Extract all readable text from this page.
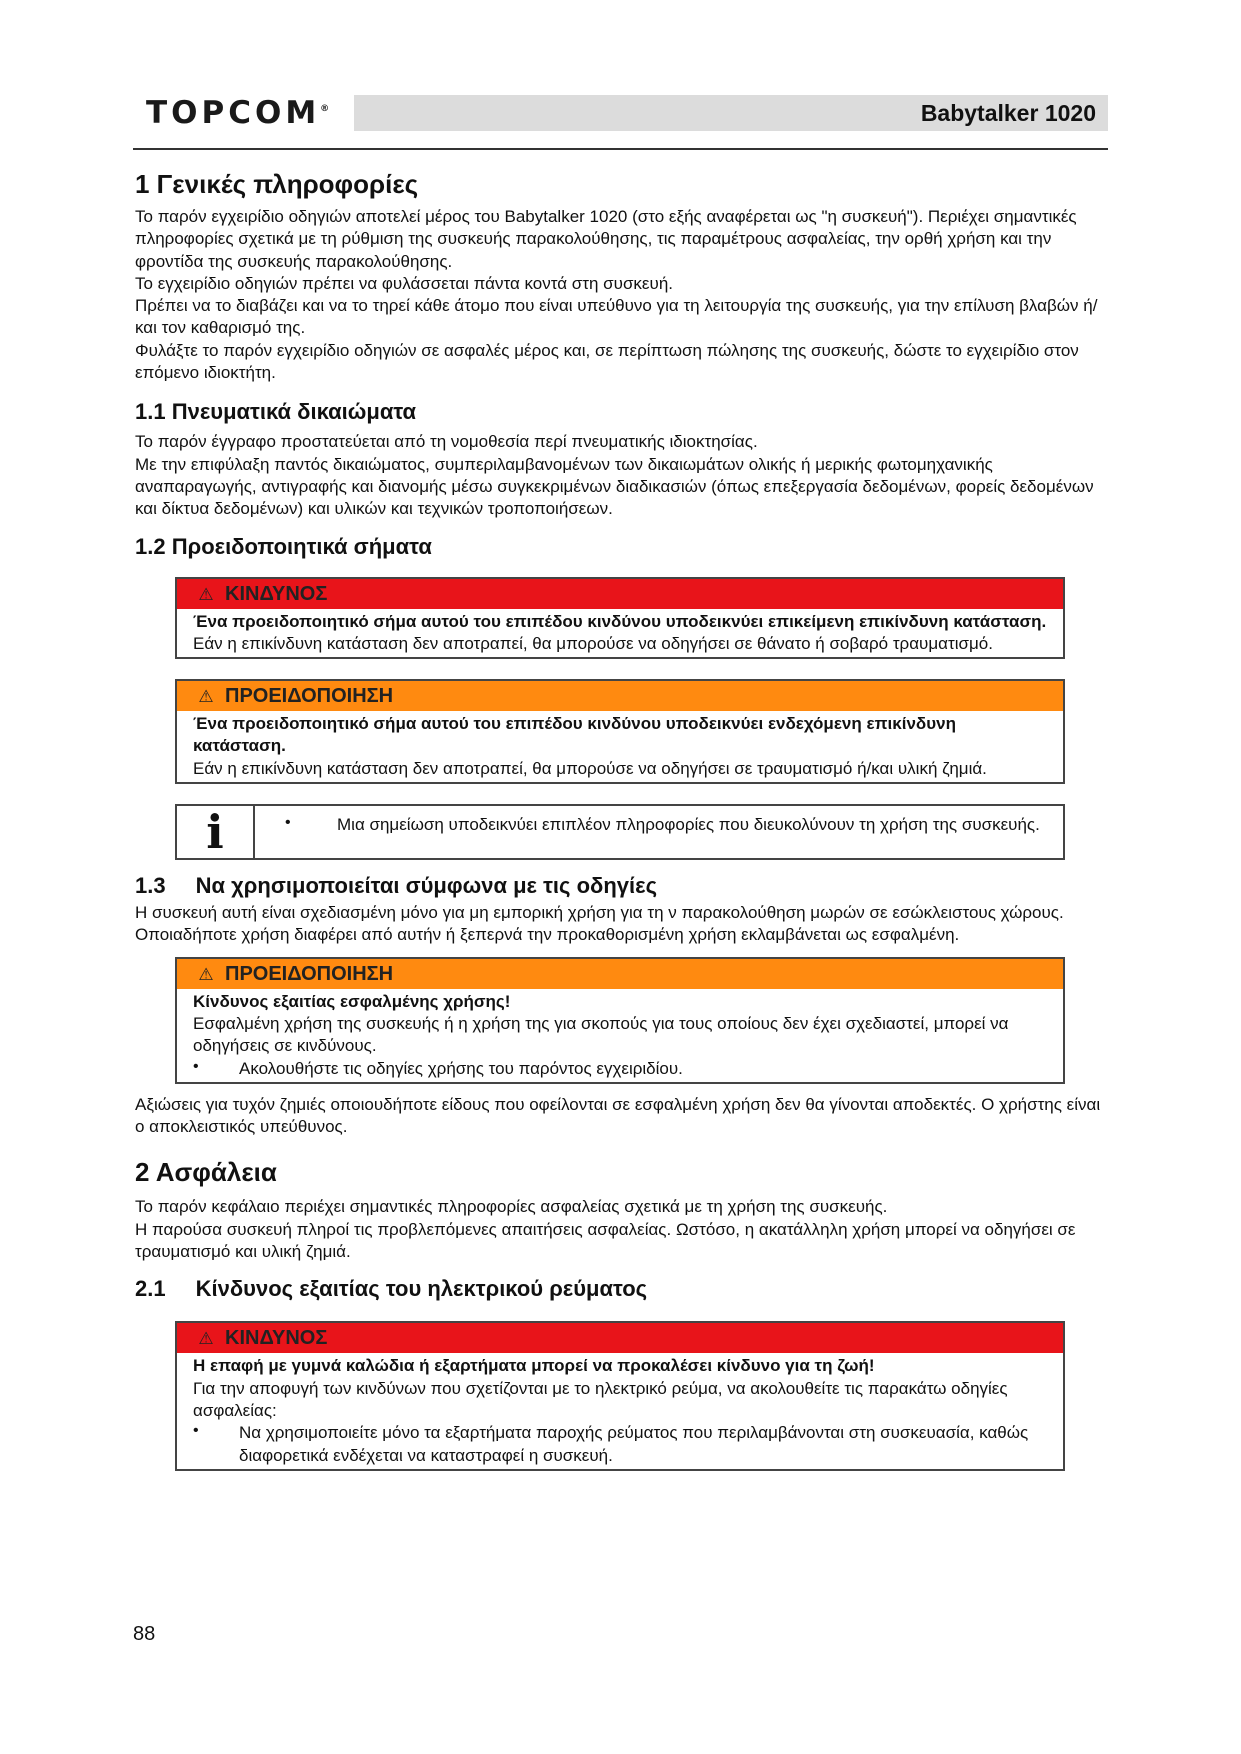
TOPCOM®	Babytalker 1020
1 Γενικές πληροφορίες

Το παρόν εγχειρίδιο οδηγιών αποτελεί μέρος του Babytalker 1020 (στο εξής αναφέρεται ως "η συσκευή"). Περιέχει σημαντικές πληροφορίες σχετικά με τη ρύθμιση της συσκευής παρακολούθησης, τις παραμέτρους ασφαλείας, την ορθή χρήση και την φροντίδα της συσκευής παρακολούθησης.

Το εγχειρίδιο οδηγιών πρέπει να φυλάσσεται πάντα κοντά στη συσκευή.

Πρέπει να το διαβάζει και να το τηρεί κάθε άτομο που είναι υπεύθυνο για τη λειτουργία της συσκευής, για την επίλυση βλαβών ή/και τον καθαρισμό της.

Φυλάξτε το παρόν εγχειρίδιο οδηγιών σε ασφαλές μέρος και, σε περίπτωση πώλησης της συσκευής, δώστε το εγχειρίδιο στον επόμενο ιδιοκτήτη.

1.1 Πνευματικά δικαιώματα

Το παρόν έγγραφο προστατεύεται από τη νομοθεσία περί πνευματικής ιδιοκτησίας.

Με την επιφύλαξη παντός δικαιώματος, συμπεριλαμβανομένων των δικαιωμάτων ολικής ή μερικής φωτομηχανικής αναπαραγωγής, αντιγραφής και διανομής μέσω συγκεκριμένων διαδικασιών (όπως επεξεργασία δεδομένων, φορείς δεδομένων και δίκτυα δεδομένων) και υλικών και τεχνικών τροποποιήσεων.

1.2 Προειδοποιητικά σήματα
⚠ ΚΙΝΔΥΝΟΣ

Ένα προειδοποιητικό σήμα αυτού του επιπέδου κινδύνου υποδεικνύει επικείμενη επικίνδυνη κατάσταση.

Εάν η επικίνδυνη κατάσταση δεν αποτραπεί, θα μπορούσε να οδηγήσει σε θάνατο ή σοβαρό τραυματισμό.

⚠ ΠΡΟΕΙΔΟΠΟΙΗΣΗ

Ένα προειδοποιητικό σήμα αυτού του επιπέδου κινδύνου υποδεικνύει ενδεχόμενη επικίνδυνη κατάσταση.

Εάν η επικίνδυνη κατάσταση δεν αποτραπεί, θα μπορούσε να οδηγήσει σε τραυματισμό ή/και υλική ζημιά.

i	•	Μια σημείωση υποδεικνύει επιπλέον πληροφορίες που διευκολύνουν τη χρήση της συσκευής.

1.3 Να χρησιμοποιείται σύμφωνα με τις οδηγίες

Η συσκευή αυτή είναι σχεδιασμένη μόνο για μη εμπορική χρήση για τη ν παρακολούθηση μωρών σε εσώκλειστους χώρους.

Οποιαδήποτε χρήση διαφέρει από αυτήν ή ξεπερνά την προκαθορισμένη χρήση εκλαμβάνεται ως εσφαλμένη.

⚠ ΠΡΟΕΙΔΟΠΟΙΗΣΗ

Κίνδυνος εξαιτίας εσφαλμένης χρήσης!

Εσφαλμένη χρήση της συσκευής ή η χρήση της για σκοπούς για τους οποίους δεν έχει σχεδιαστεί, μπορεί να οδηγήσεις σε κινδύνους.

•	Ακολουθήστε τις οδηγίες χρήσης του παρόντος εγχειριδίου.

Αξιώσεις για τυχόν ζημιές οποιουδήποτε είδους που οφείλονται σε εσφαλμένη χρήση δεν θα γίνονται αποδεκτές. Ο χρήστης είναι ο αποκλειστικός υπεύθυνος.

2 Ασφάλεια

Το παρόν κεφάλαιο περιέχει σημαντικές πληροφορίες ασφαλείας σχετικά με τη χρήση της συσκευής.

Η παρούσα συσκευή πληροί τις προβλεπόμενες απαιτήσεις ασφαλείας. Ωστόσο, η ακατάλληλη χρήση μπορεί να οδηγήσει σε τραυματισμό και υλική ζημιά.

2.1 Κίνδυνος εξαιτίας του ηλεκτρικού ρεύματος
⚠ ΚΙΝΔΥΝΟΣ

Η επαφή με γυμνά καλώδια ή εξαρτήματα μπορεί να προκαλέσει κίνδυνο για τη ζωή!

Για την αποφυγή των κινδύνων που σχετίζονται με το ηλεκτρικό ρεύμα, να ακολουθείτε τις παρακάτω οδηγίες ασφαλείας:

•	Να χρησιμοποιείτε μόνο τα εξαρτήματα παροχής ρεύματος που περιλαμβάνονται στη συσκευασία, καθώς διαφορετικά ενδέχεται να καταστραφεί η συσκευή.

88
